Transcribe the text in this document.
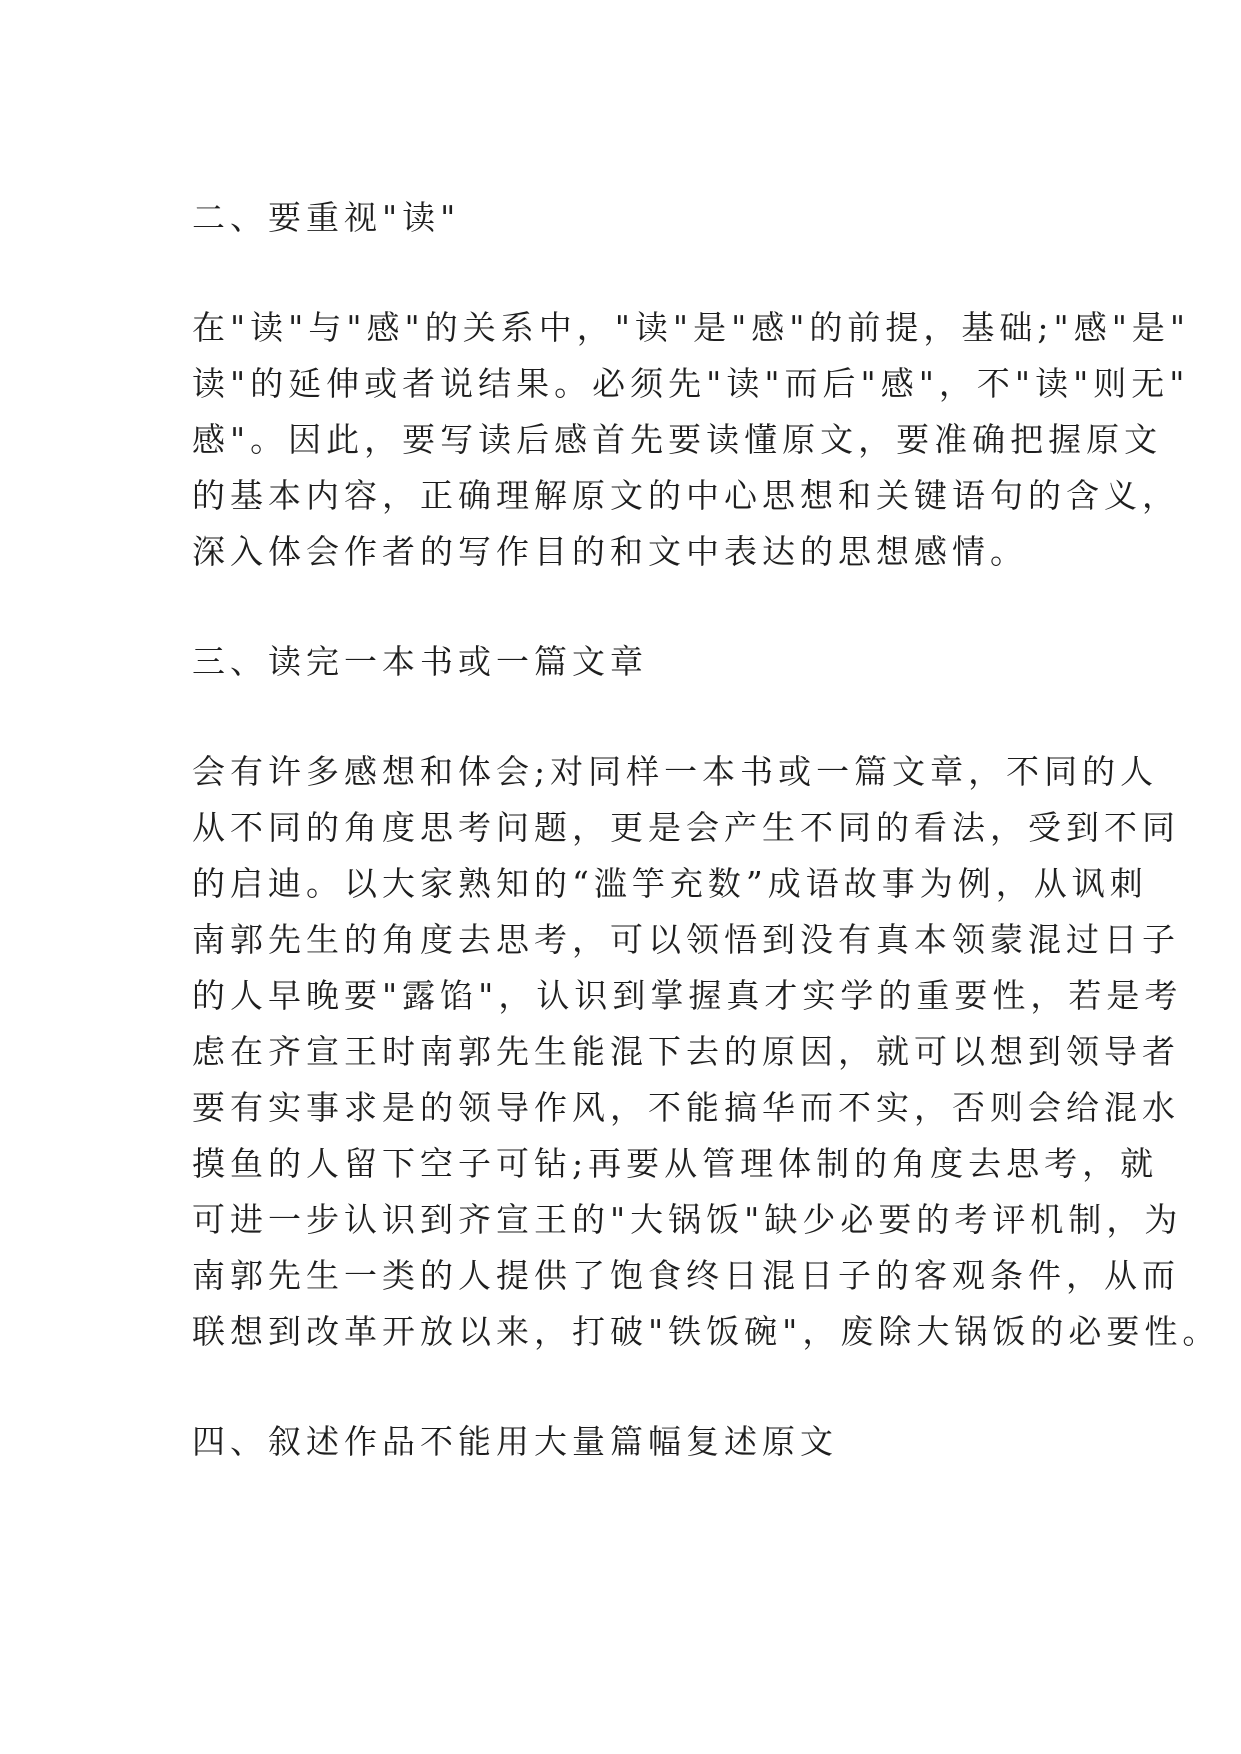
二、要重视"读"
在"读"与"感"的关系中，"读"是"感"的前提，基础;"感"是"
读"的延伸或者说结果。必须先"读"而后"感"，不"读"则无"
感"。因此，要写读后感首先要读懂原文，要准确把握原文
的基本内容，正确理解原文的中心思想和关键语句的含义，
深入体会作者的写作目的和文中表达的思想感情。
三、读完一本书或一篇文章
会有许多感想和体会;对同样一本书或一篇文章，不同的人
从不同的角度思考问题，更是会产生不同的看法，受到不同
的启迪。以大家熟知的“滥竽充数”成语故事为例，从讽刺
南郭先生的角度去思考，可以领悟到没有真本领蒙混过日子
的人早晚要"露馅"，认识到掌握真才实学的重要性，若是考
虑在齐宣王时南郭先生能混下去的原因，就可以想到领导者
要有实事求是的领导作风，不能搞华而不实，否则会给混水
摸鱼的人留下空子可钻;再要从管理体制的角度去思考，就
可进一步认识到齐宣王的"大锅饭"缺少必要的考评机制，为
南郭先生一类的人提供了饱食终日混日子的客观条件，从而
联想到改革开放以来，打破"铁饭碗"，废除大锅饭的必要性。
四、叙述作品不能用大量篇幅复述原文
